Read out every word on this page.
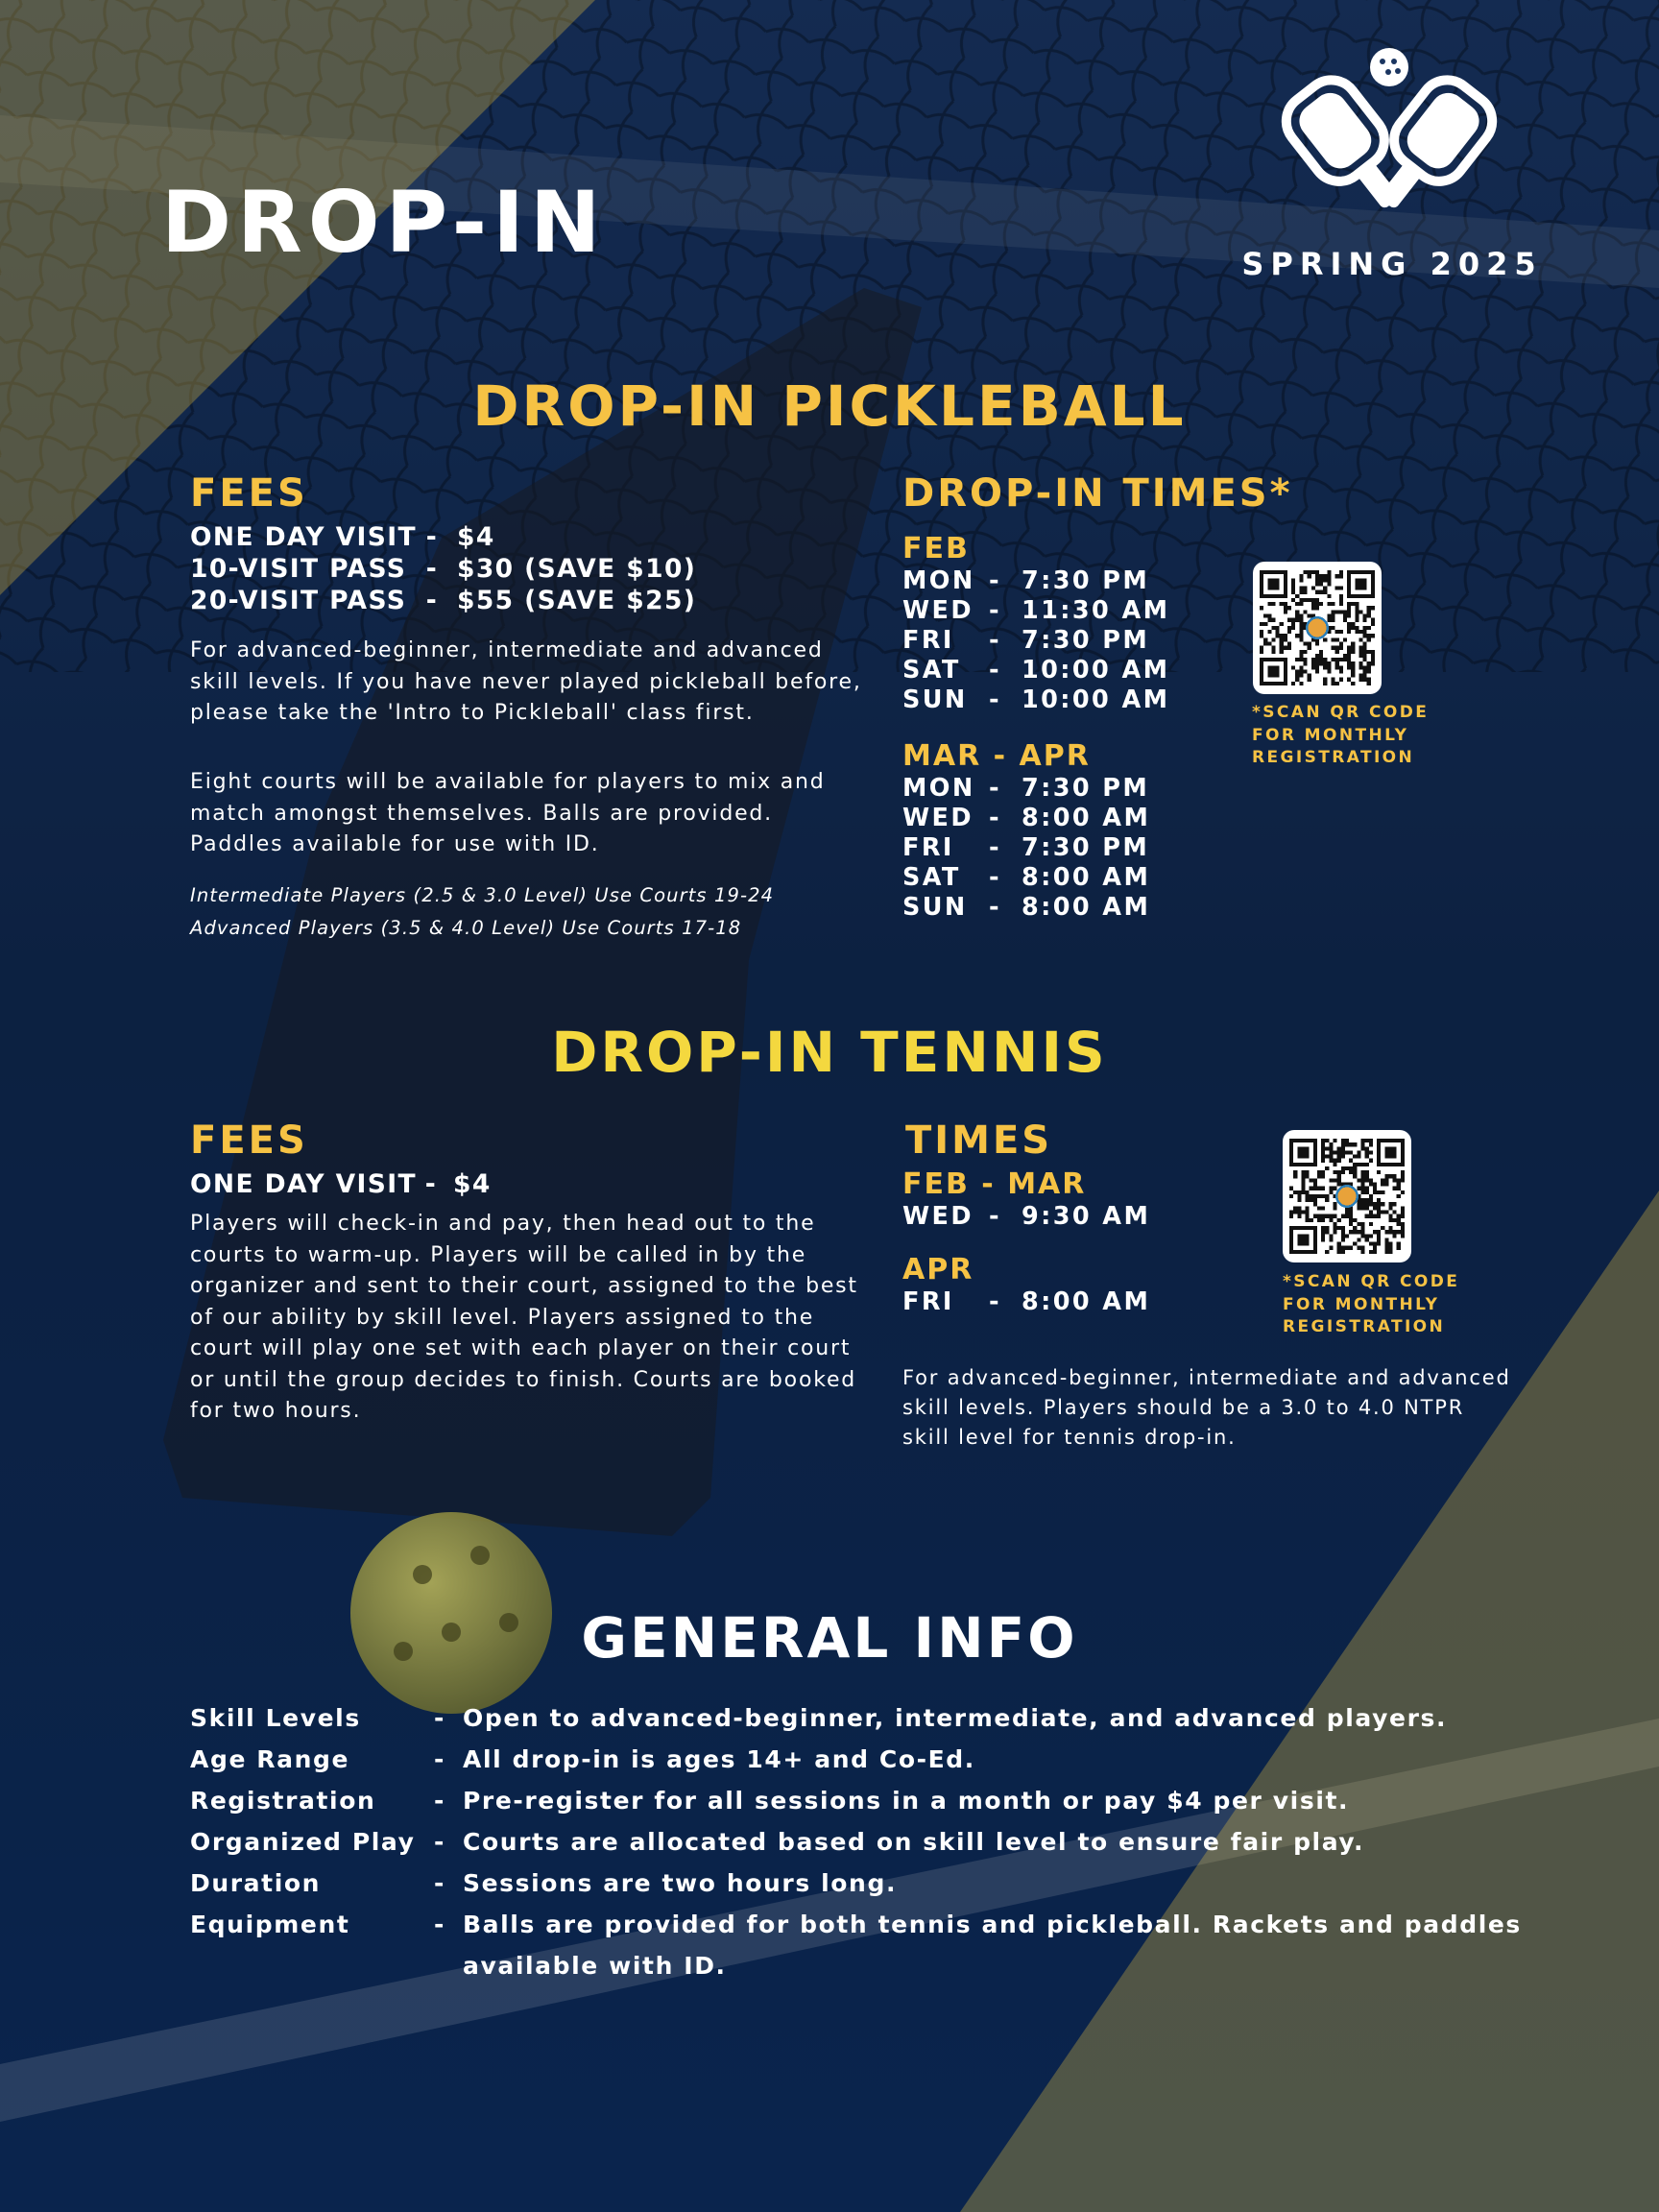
DROP-IN	SPRING 2025
DROP-IN PICKLEBALL
FEES
ONE DAY VISIT - $4
10-VISIT PASS - $30 (SAVE $10)
20-VISIT PASS - $55 (SAVE $25)

For advanced-beginner, intermediate and advanced skill levels. If you have never played pickleball before, please take the 'Intro to Pickleball' class first.

Eight courts will be available for players to mix and match amongst themselves. Balls are provided. Paddles available for use with ID.

Intermediate Players (2.5 & 3.0 Level) Use Courts 19-24

Advanced Players (3.5 & 4.0 Level) Use Courts 17-18

DROP-IN TIMES*
FEB
MON - 7:30 PM
WED - 11:30 AM
FRI	- 7:30 PM
SAT	- 10:00 AM
SUN - 10:00 AM
MAR - APR
MON - 7:30 PM
WED - 8:00 AM
FRI	- 7:30 PM
SAT	- 8:00 AM
SUN - 8:00 AM

*SCAN QR CODE
FOR MONTHLY
REGISTRATION

DROP-IN TENNIS
FEES
ONE DAY VISIT - $4

Players will check-in and pay, then head out to the courts to warm-up. Players will be called in by the organizer and sent to their court, assigned to the best of our ability by skill level. Players assigned to the court will play one set with each player on their court or until the group decides to finish. Courts are booked for two hours.

TIMES
FEB - MAR
WED - 9:30 AM
APR
FRI	- 8:00 AM

*SCAN QR CODE
FOR MONTHLY
REGISTRATION

For advanced-beginner, intermediate and advanced skill levels. Players should be a 3.0 to 4.0 NTPR skill level for tennis drop-in.

GENERAL INFO
Skill Levels	- Open to advanced-beginner, intermediate, and advanced players.
Age Range	- All drop-in is ages 14+ and Co-Ed.
Registration	- Pre-register for all sessions in a month or pay $4 per visit.
Organized Play - Courts are allocated based on skill level to ensure fair play.
Duration	- Sessions are two hours long.
Equipment	- Balls are provided for both tennis and pickleball. Rackets and paddles available with ID.
